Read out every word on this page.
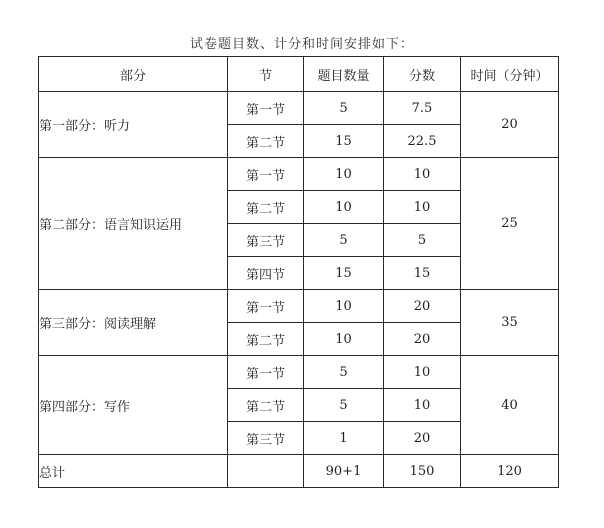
试卷题目数、计分和时间安排如下：
部分	节	题目数量	分数	时间（分钟）
第一部分：听力	第一节	5	7.5	20
	第二节	15	22.5	
第二部分：语言知识运用	第一节	10	10	25
	第二节	10	10	
	第三节	5	5	
	第四节	15	15	
第三部分：阅读理解	第一节	10	20	35
	第二节	10	20	
第四部分：写作	第一节	5	10	40
	第二节	5	10	
	第三节	1	20	
总计		90+1	150	120
